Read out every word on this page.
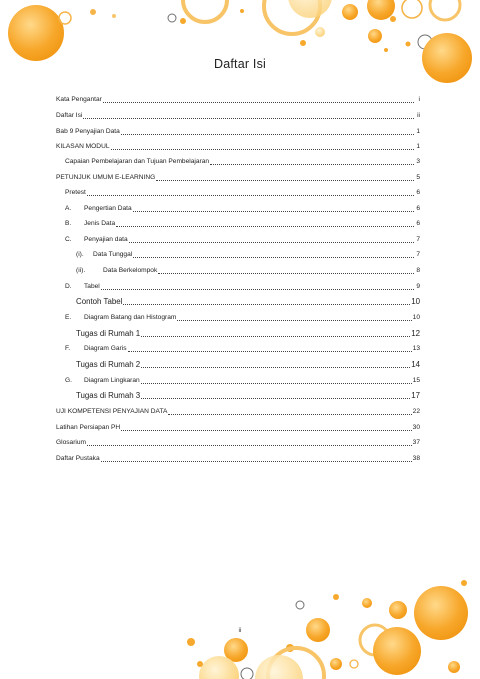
Daftar Isi
Kata Pengantar	i
Daftar Isi	ii
Bab 9 Penyajian Data	1
KILASAN MODUL	1
Capaian Pembelajaran dan Tujuan Pembelajaran	3
PETUNJUK UMUM E-LEARNING	5
Pretest	6
A.	Pengertian Data	6
B.	Jenis Data	6
C.	Penyajian data	7
(i).	Data Tunggal	7
(ii).	Data Berkelompok	8
D.	Tabel	9
Contoh Tabel	10
E.	Diagram Batang dan Histogram	10
Tugas di Rumah 1	12
F.	Diagram Garis	13
Tugas di Rumah 2	14
G.	Diagram Lingkaran	15
Tugas di Rumah 3	17
UJI KOMPETENSI PENYAJIAN DATA	22
Latihan Persiapan PH	30
Glosarium	37
Daftar Pustaka	38
ii
